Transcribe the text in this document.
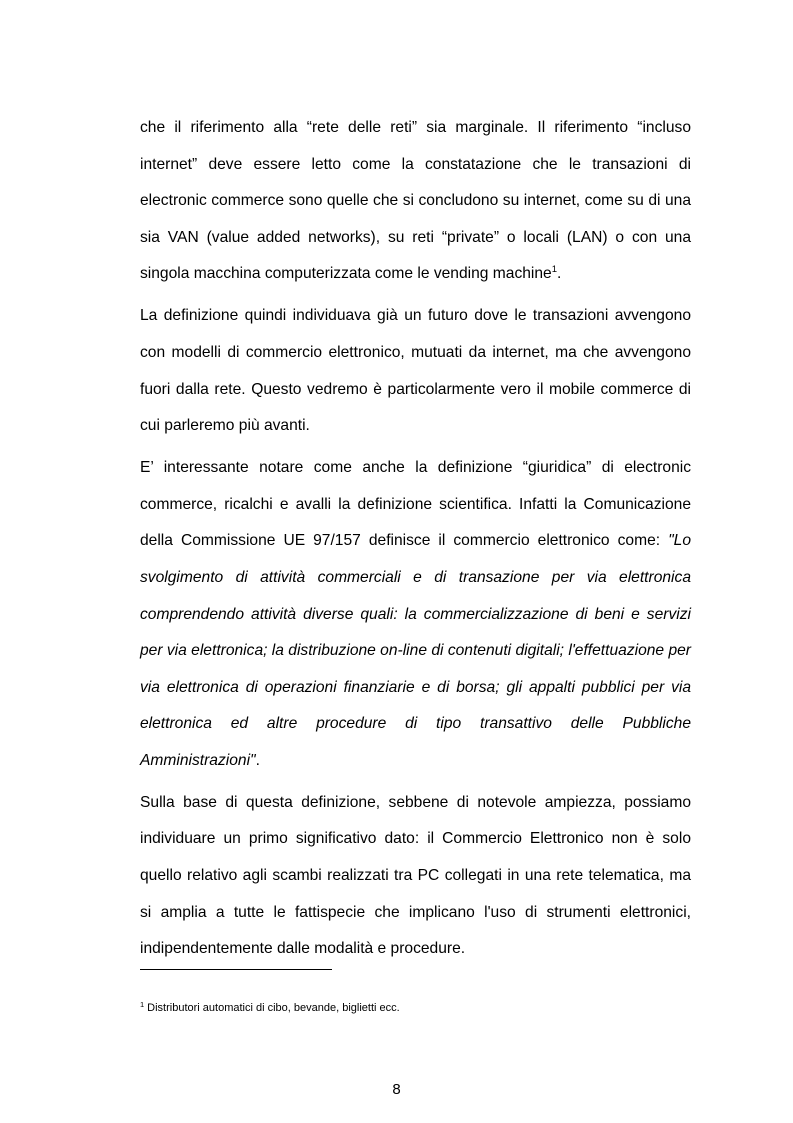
che il riferimento alla “rete delle reti” sia marginale. Il riferimento “incluso internet” deve essere letto come la constatazione che le transazioni di electronic commerce sono quelle che si concludono su internet, come su di una sia VAN (value added networks), su reti “private” o locali (LAN) o con una singola macchina computerizzata come le vending machine$^1$.

La definizione quindi individuava già un futuro dove le transazioni avvengono con modelli di commercio elettronico, mutuati da internet, ma che avvengono fuori dalla rete. Questo vedremo è particolarmente vero il mobile commerce di cui parleremo più avanti.

E’ interessante notare come anche la definizione “giuridica” di electronic commerce, ricalchi e avalli la definizione scientifica. Infatti la Comunicazione della Commissione UE 97/157 definisce il commercio elettronico come: "Lo svolgimento di attività commerciali e di transazione per via elettronica comprendendo attività diverse quali: la commercializzazione di beni e servizi per via elettronica; la distribuzione on-line di contenuti digitali; l'effettuazione per via elettronica di operazioni finanziarie e di borsa; gli appalti pubblici per via elettronica ed altre procedure di tipo transattivo delle Pubbliche Amministrazioni".

Sulla base di questa definizione, sebbene di notevole ampiezza, possiamo individuare un primo significativo dato: il Commercio Elettronico non è solo quello relativo agli scambi realizzati tra PC collegati in una rete telematica, ma si amplia a tutte le fattispecie che implicano l'uso di strumenti elettronici, indipendentemente dalle modalità e procedure.

$^1$ Distributori automatici di cibo, bevande, biglietti ecc.

8
